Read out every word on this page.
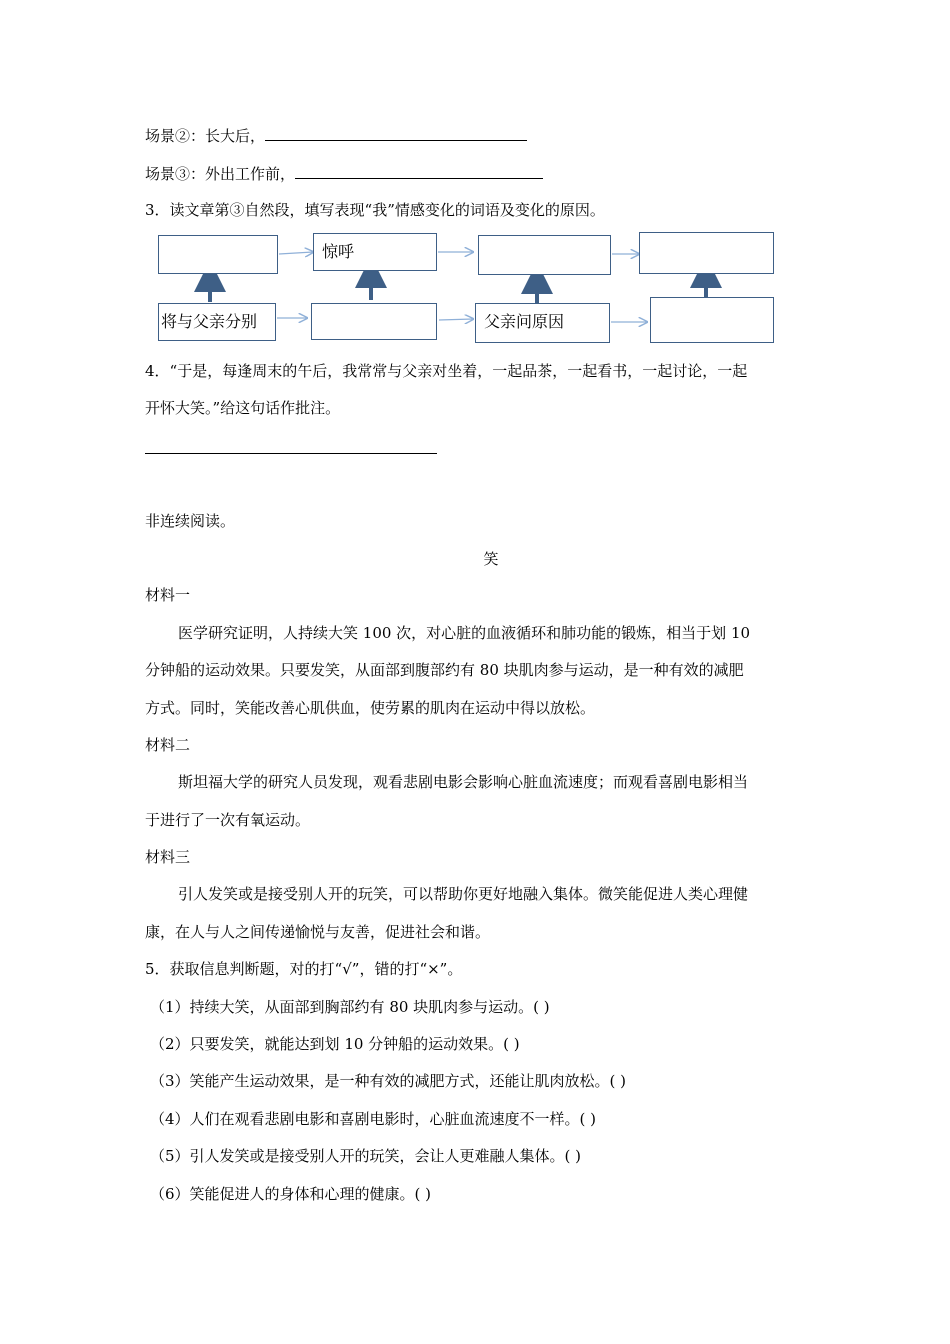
场景②：长大后，
场景③：外出工作前，
3．读文章第③自然段，填写表现“我”情感变化的词语及变化的原因。
惊呼
将与父亲分别	父亲问原因
4．“于是，每逢周末的午后，我常常与父亲对坐着，一起品茶，一起看书，一起讨论，一起
开怀大笑。”给这句话作批注。
非连续阅读。
笑
材料一
医学研究证明，人持续大笑 100 次，对心脏的血液循环和肺功能的锻炼，相当于划 10
分钟船的运动效果。只要发笑，从面部到腹部约有 80 块肌肉参与运动，是一种有效的减肥
方式。同时，笑能改善心肌供血，使劳累的肌肉在运动中得以放松。
材料二
斯坦福大学的研究人员发现，观看悲剧电影会影响心脏血流速度；而观看喜剧电影相当
于进行了一次有氧运动。
材料三
引人发笑或是接受别人开的玩笑，可以帮助你更好地融入集体。微笑能促进人类心理健
康，在人与人之间传递愉悦与友善，促进社会和谐。
5．获取信息判断题，对的打“√”，错的打“×”。
（1）持续大笑，从面部到胸部约有 80 块肌肉参与运动。( )
（2）只要发笑，就能达到划 10 分钟船的运动效果。( )
（3）笑能产生运动效果，是一种有效的减肥方式，还能让肌肉放松。( )
（4）人们在观看悲剧电影和喜剧电影时，心脏血流速度不一样。( )
（5）引人发笑或是接受别人开的玩笑，会让人更难融人集体。( )
（6）笑能促进人的身体和心理的健康。( )
